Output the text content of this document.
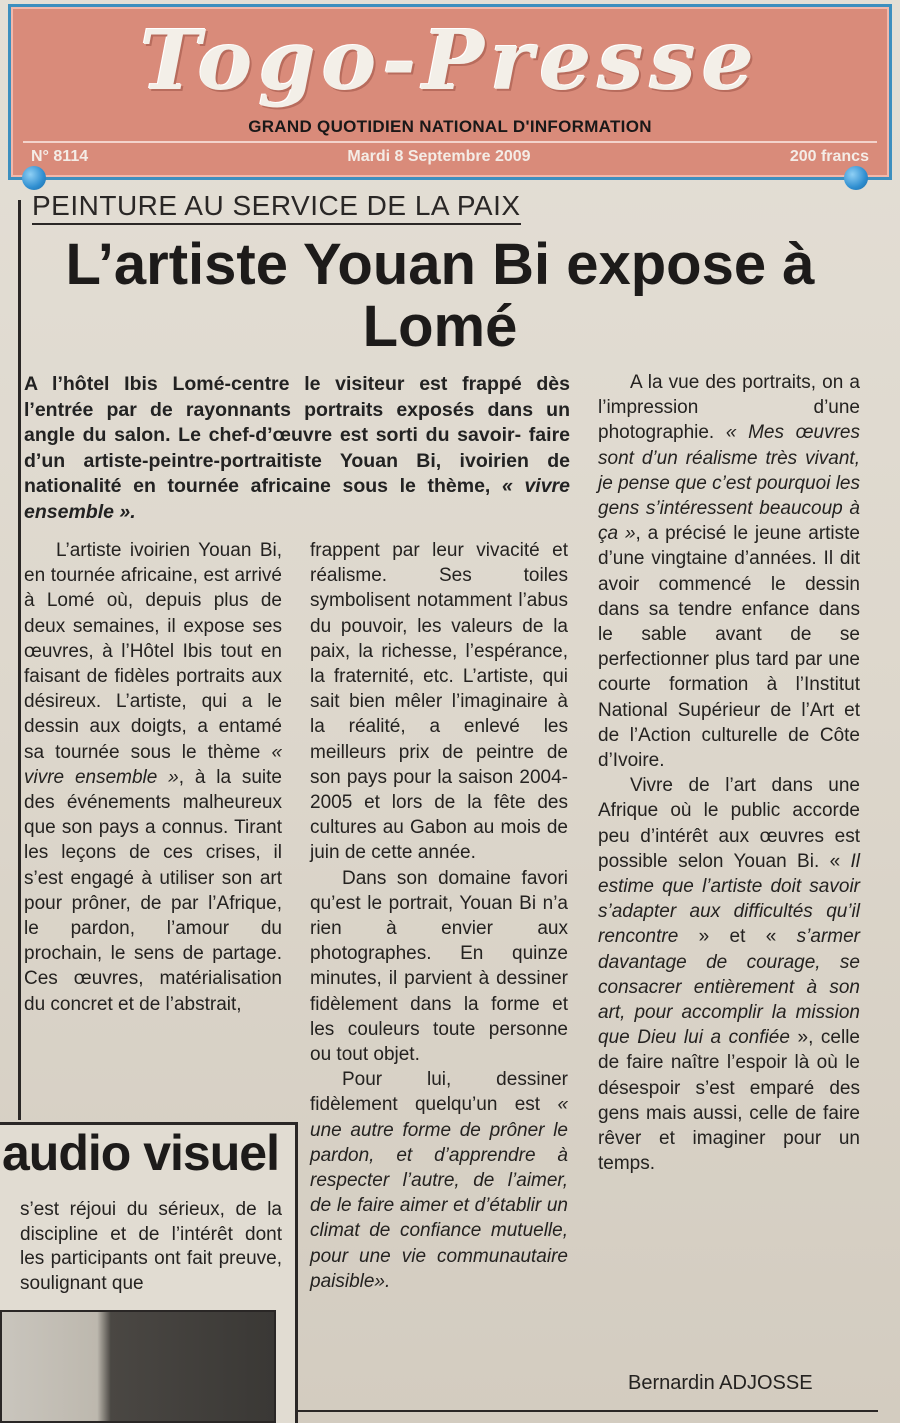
Togo-Presse
GRAND QUOTIDIEN NATIONAL D'INFORMATION
N° 8114	Mardi 8 Septembre 2009	200 francs
PEINTURE AU SERVICE DE LA PAIX
L’artiste Youan Bi expose à Lomé
A l’hôtel Ibis Lomé-centre le visiteur est frappé dès l’entrée par de rayonnants portraits exposés dans un angle du salon. Le chef-d’œuvre est sorti du savoir- faire d’un artiste-peintre-portraitiste Youan Bi, ivoirien de nationalité en tournée africaine sous le thème, « vivre ensemble ».

L’artiste ivoirien Youan Bi, en tournée africaine, est arrivé à Lomé où, depuis plus de deux semaines, il expose ses œuvres, à l’Hôtel Ibis tout en faisant de fidèles portraits aux désireux. L’artiste, qui a le dessin aux doigts, a entamé sa tournée sous le thème « vivre ensemble », à la suite des événements malheureux que son pays a connus. Tirant les leçons de ces crises, il s’est engagé à utiliser son art pour prôner, de par l’Afrique, le pardon, l’amour du prochain, le sens de partage. Ces œuvres, matérialisation du concret et de l’abstrait,

frappent par leur vivacité et réalisme. Ses toiles symbolisent notamment l’abus du pouvoir, les valeurs de la paix, la richesse, l’espérance, la fraternité, etc. L’artiste, qui sait bien mêler l’imaginaire à la réalité, a enlevé les meilleurs prix de peintre de son pays pour la saison 2004-2005 et lors de la fête des cultures au Gabon au mois de juin de cette année.

Dans son domaine favori qu’est le portrait, Youan Bi n’a rien à envier aux photographes. En quinze minutes, il parvient à dessiner fidèlement dans la forme et les couleurs toute personne ou tout objet.

Pour lui, dessiner fidèlement quelqu’un est « une autre forme de prôner le pardon, et d’apprendre à respecter l’autre, de l’aimer, de le faire aimer et d’établir un climat de confiance mutuelle, pour une vie communautaire paisible».

A la vue des portraits, on a l’impression d’une photographie. « Mes œuvres sont d’un réalisme très vivant, je pense que c’est pourquoi les gens s’intéressent beaucoup à ça », a précisé le jeune artiste d’une vingtaine d’années. Il dit avoir commencé le dessin dans sa tendre enfance dans le sable avant de se perfectionner plus tard par une courte formation à l’Institut National Supérieur de l’Art et de l’Action culturelle de Côte d’Ivoire.

Vivre de l’art dans une Afrique où le public accorde peu d’intérêt aux œuvres est possible selon Youan Bi. « Il estime que l’artiste doit savoir s’adapter aux difficultés qu’il rencontre » et « s’armer davantage de courage, se consacrer entièrement à son art, pour accomplir la mission que Dieu lui a confiée », celle de faire naître l’espoir là où le désespoir s’est emparé des gens mais aussi, celle de faire rêver et imaginer pour un temps.

Bernardin ADJOSSE
audio visuel
s’est réjoui du sérieux, de la discipline et de l’intérêt dont les participants ont fait preuve, soulignant que
